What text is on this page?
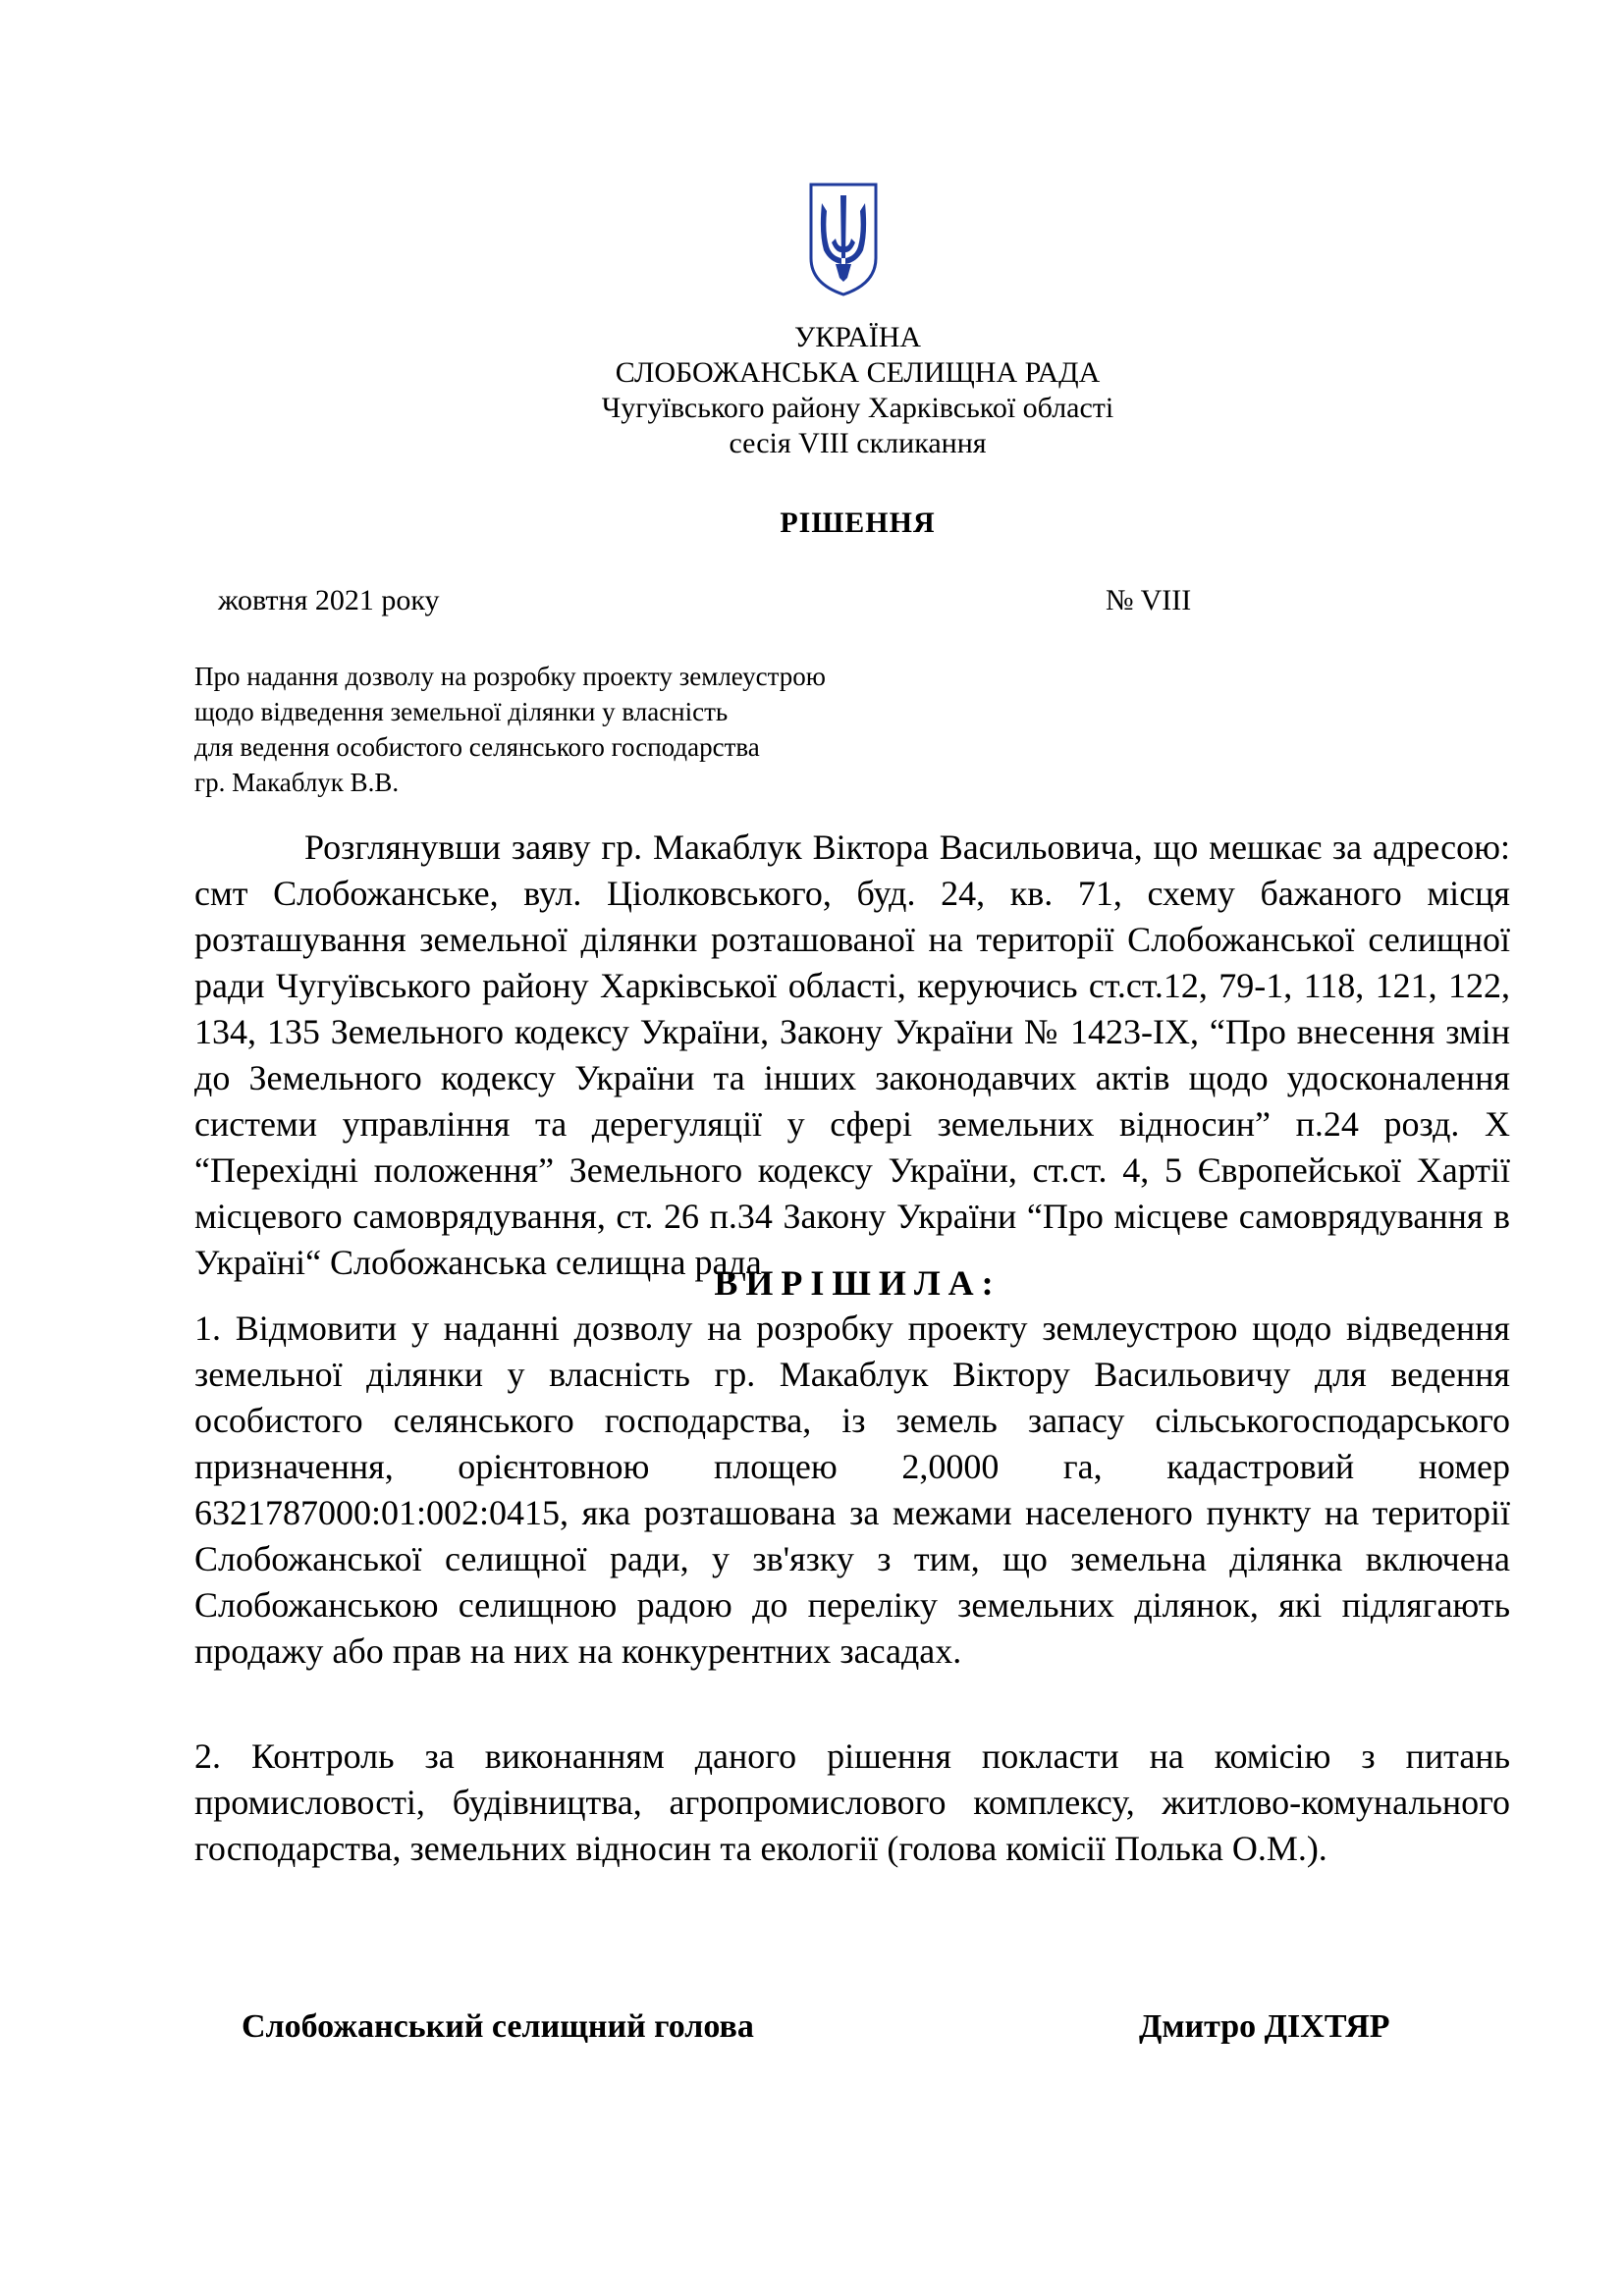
УКРАЇНА
СЛОБОЖАНСЬКА СЕЛИЩНА РАДА
Чугуївського району Харківської області
сесія VIII скликання
РІШЕННЯ
жовтня 2021 року	№ VIII
Про надання дозволу на розробку проекту землеустрою
щодо відведення земельної ділянки у власність
для ведення особистого селянського господарства
гр. Макаблук В.В.
Розглянувши заяву гр. Макаблук Віктора Васильовича, що мешкає за адресою: смт Слобожанське, вул. Ціолковського, буд. 24, кв. 71, схему бажаного місця розташування земельної ділянки розташованої на території Слобожанської селищної ради Чугуївського району Харківської області, керуючись ст.ст.12, 79-1, 118, 121, 122, 134, 135 Земельного кодексу України, Закону України № 1423-IX, “Про внесення змін до Земельного кодексу України та інших законодавчих актів щодо удосконалення системи управління та дерегуляції у сфері земельних відносин” п.24 розд. X “Перехідні положення” Земельного кодексу України, ст.ст. 4, 5 Європейської Хартії місцевого самоврядування, ст. 26 п.34 Закону України “Про місцеве самоврядування в Україні“ Слобожанська селищна рада
ВИРІШИЛА:
1. Відмовити у наданні дозволу на розробку проекту землеустрою щодо відведення земельної ділянки у власність гр. Макаблук Віктору Васильовичу для ведення особистого селянського господарства, із земель запасу сільськогосподарського призначення, орієнтовною площею 2,0000 га, кадастровий номер 6321787000:01:002:0415, яка розташована за межами населеного пункту на території Слобожанської селищної ради, у зв'язку з тим, що земельна ділянка включена Слобожанською селищною радою до переліку земельних ділянок, які підлягають продажу або прав на них на конкурентних засадах.
2. Контроль за виконанням даного рішення покласти на комісію з питань промисловості, будівництва, агропромислового комплексу, житлово-комунального господарства, земельних відносин та екології (голова комісії Полька О.М.).
Слобожанський селищний голова	Дмитро ДІХТЯР
